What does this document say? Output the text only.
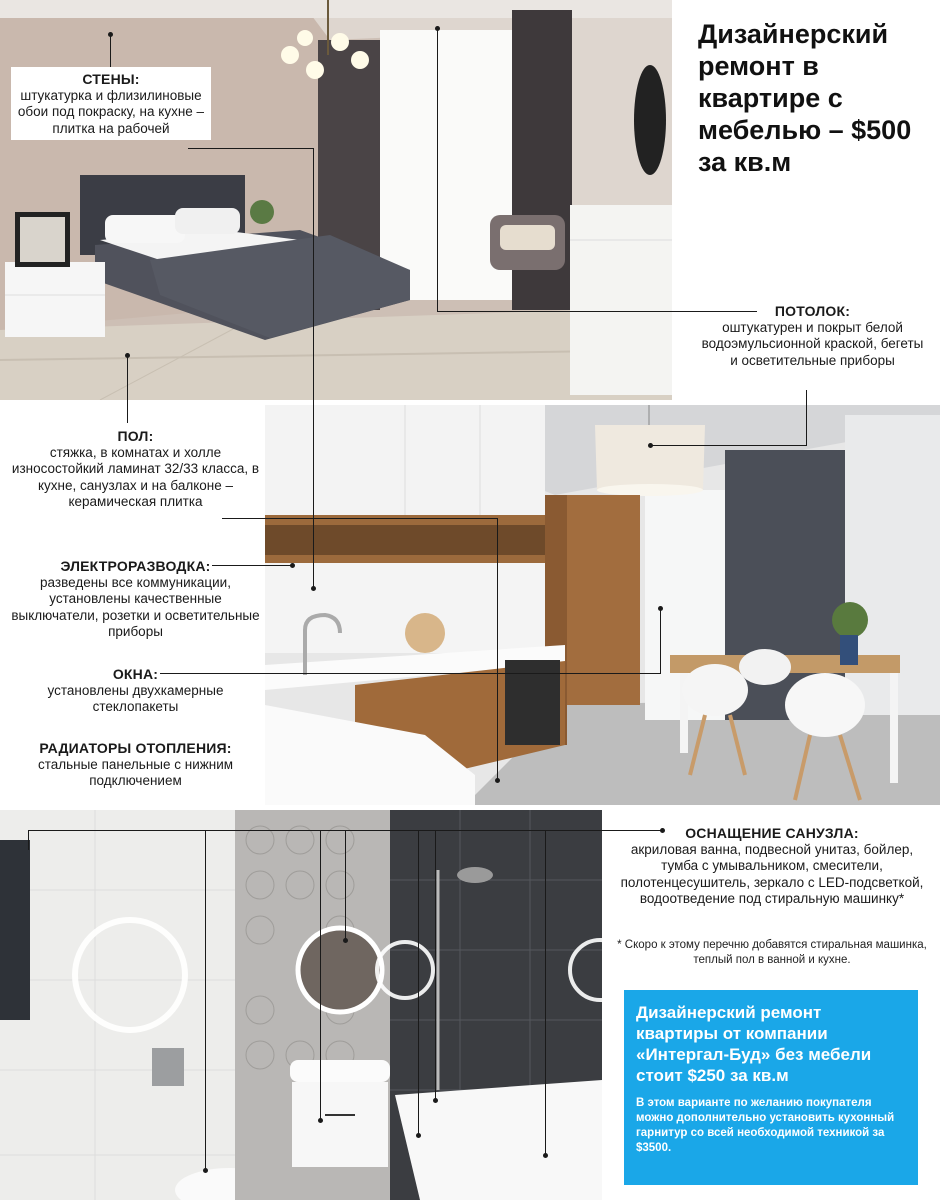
Дизайнерский ремонт в квартире с мебелью – $500 за кв.м
СТЕНЫ:
штукатурка и флизилиновые обои под покраску, на кухне – плитка на рабочей
ПОТОЛОК:
оштукатурен и покрыт белой водоэмульсионной краской, бегеты и осветительные приборы
ПОЛ:
стяжка, в комнатах и холле износостойкий ламинат 32/33 класса, в кухне, санузлах и на балконе – керамическая плитка
ЭЛЕКТРОРАЗВОДКА:
разведены все коммуникации, установлены качественные выключатели, розетки и осветительные приборы
ОКНА:
установлены двухкамерные стеклопакеты
РАДИАТОРЫ ОТОПЛЕНИЯ:
стальные панельные с нижним подключением
ОСНАЩЕНИЕ САНУЗЛА:
акриловая ванна, подвесной унитаз, бойлер, тумба с умывальником, смесители, полотенцесушитель, зеркало с LED-подсветкой, водоотведение под стиральную машинку*
* Скоро к этому перечню добавятся стиральная машинка, теплый пол в ванной и кухне.

Дизайнерский ремонт квартиры от компании «Интергал-Буд» без мебели стоит $250 за кв.м

В этом варианте по желанию покупателя можно дополнительно установить кухонный гарнитур со всей необходимой техникой за $3500.
